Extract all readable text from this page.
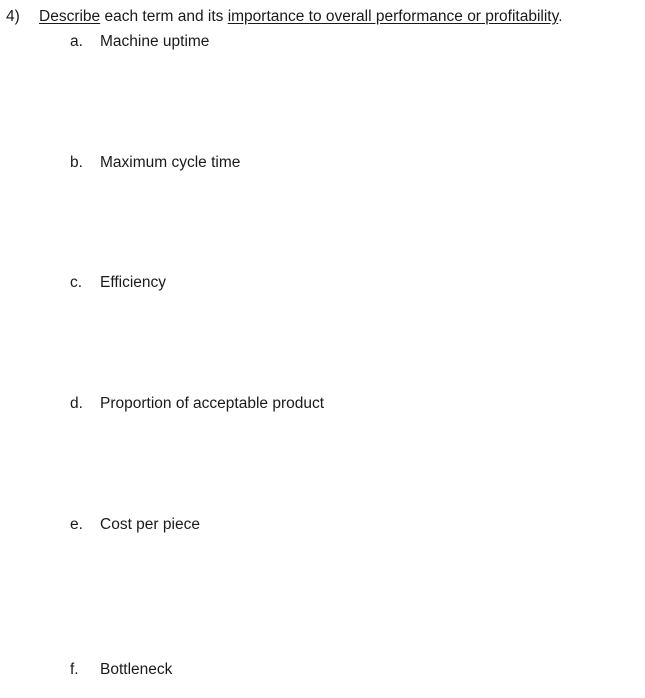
4) Describe each term and its importance to overall performance or profitability.
a. Machine uptime
b. Maximum cycle time
c. Efficiency
d. Proportion of acceptable product
e. Cost per piece
f. Bottleneck
